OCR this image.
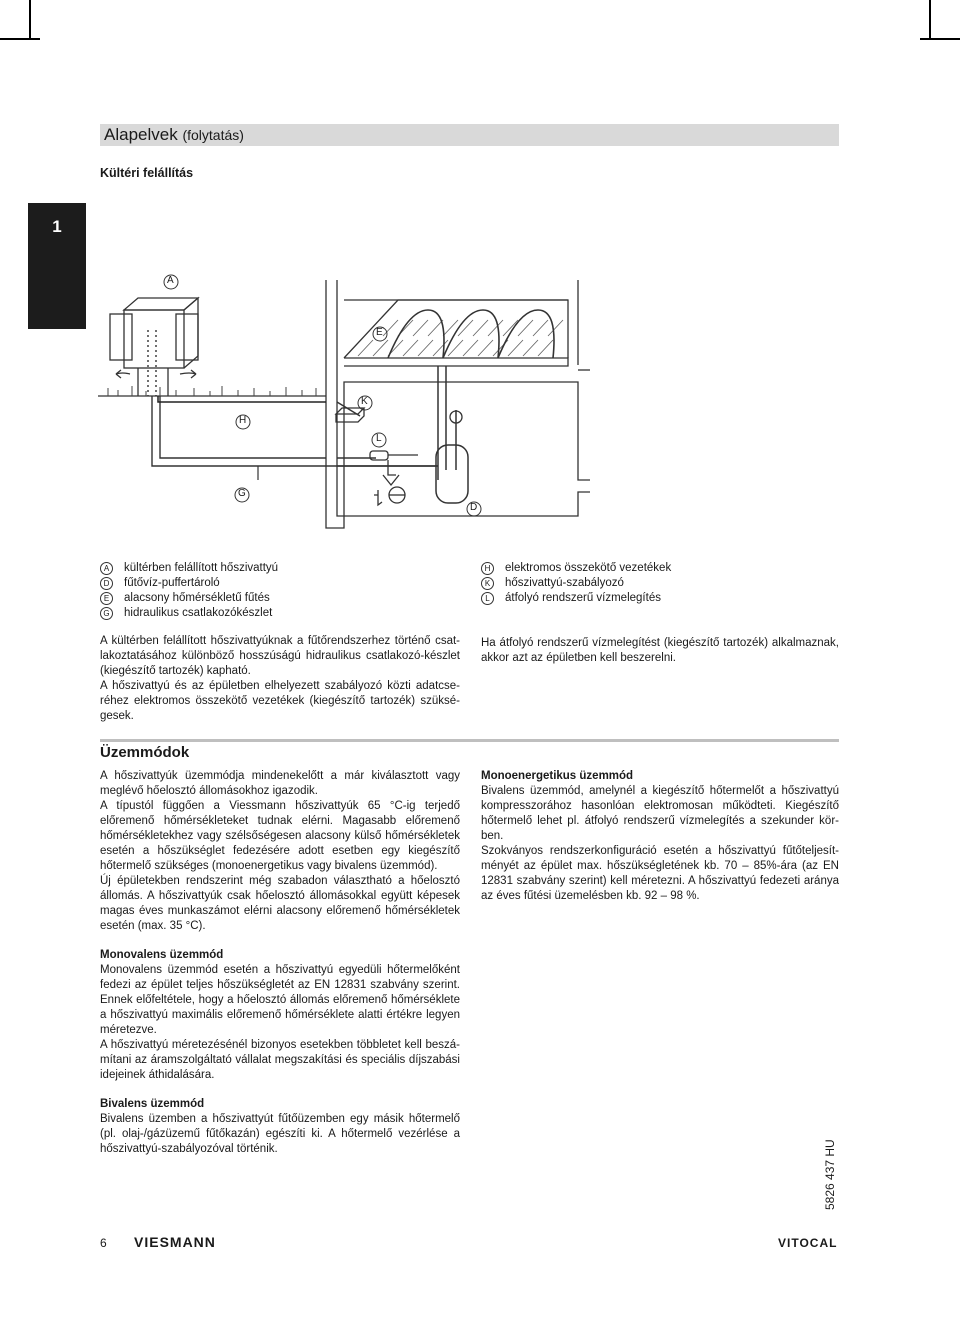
Alapelvek (folytatás)
Kültéri felállítás
1
A
E
K
H
L
G
D
A	kültérben felállított hőszivattyú
D	fűtővíz-puffertároló
E	alacsony hőmérsékletű fűtés
G hidraulikus csatlakozókészlet
H	elektromos összekötő vezetékek
K	hőszivattyú-szabályozó
L	átfolyó rendszerű vízmelegítés

A kültérben felállított hőszivattyúknak a fűtőrendszerhez történő csat-lakoztatásához különböző hosszúságú hidraulikus csatlakozó-készlet (kiegészítő tartozék) kapható.

A hőszivattyú és az épületben elhelyezett szabályozó közti adatcse-réhez elektromos összekötő vezetékek (kiegészítő tartozék) szüksé-gesek.

Ha átfolyó rendszerű vízmelegítést (kiegészítő tartozék) alkalmaznak, akkor azt az épületben kell beszerelni.

Üzemmódok

A hőszivattyúk üzemmódja mindenekelőtt a már kiválasztott vagy meglévő hőelosztó állomásokhoz igazodik.

A típustól függően a Viessmann hőszivattyúk 65 °C-ig terjedő előremenő hőmérsékleteket tudnak elérni. Magasabb előremenő hőmérsékletekhez vagy szélsőségesen alacsony külső hőmérsékletek esetén a hőszükséglet fedezésére adott esetben egy kiegészítő hőtermelő szükséges (monoenergetikus vagy bivalens üzemmód).

Új épületekben rendszerint még szabadon választható a hőelosztó állomás. A hőszivattyúk csak hőelosztó állomásokkal együtt képesek magas éves munkaszámot elérni alacsony előremenő hőmérsékletek esetén (max. 35 °C).

Monovalens üzemmód

Monovalens üzemmód esetén a hőszivattyú egyedüli hőtermelőként fedezi az épület teljes hőszükségletét az EN 12831 szabvány szerint. Ennek előfeltétele, hogy a hőelosztó állomás előremenő hőmérséklete a hőszivattyú maximális előremenő hőmérséklete alatti értékre legyen méretezve.

A hőszivattyú méretezésénél bizonyos esetekben többletet kell beszá-mítani az áramszolgáltató vállalat megszakítási és speciális díjszabási idejeinek áthidalására.

Bivalens üzemmód

Bivalens üzemben a hőszivattyút fűtőüzemben egy másik hőtermelő (pl. olaj-/gázüzemű fűtőkazán) egészíti ki. A hőtermelő vezérlése a hőszivattyú-szabályozóval történik.

Monoenergetikus üzemmód

Bivalens üzemmód, amelynél a kiegészítő hőtermelőt a hőszivattyú kompresszorához hasonlóan elektromosan működteti. Kiegészítő hőtermelő lehet pl. átfolyó rendszerű vízmelegítés a szekunder kör-ben.

Szokványos rendszerkonfiguráció esetén a hőszivattyú fűtőteljesít-ményét az épület max. hőszükségletének kb. 70 – 85%-ára (az EN 12831 szabvány szerint) kell méretezni. A hőszivattyú fedezeti aránya az éves fűtési üzemelésben kb. 92 – 98 %.

6 VIESMANN	VITOCAL
5826 437 HU
